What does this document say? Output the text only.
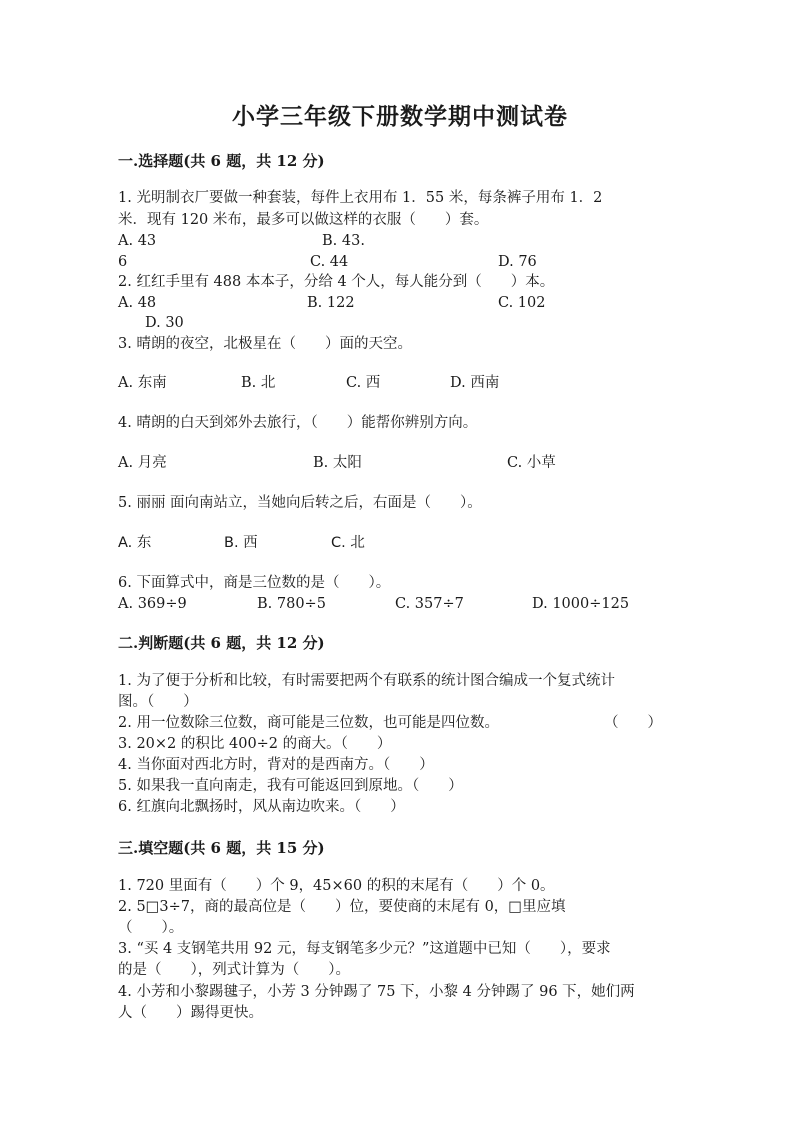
小学三年级下册数学期中测试卷
一.选择题(共 6 题，共 12 分)
1. 光明制衣厂要做一种套装，每件上衣用布 1．55 米，每条裤子用布 1．2
米．现有 120 米布，最多可以做这样的衣服（　　）套。
A. 43	B. 43.
6	C. 44	D. 76
2. 红红手里有 488 本本子，分给 4 个人，每人能分到（　　）本。
A. 48	B. 122	C. 102
D. 30
3. 晴朗的夜空，北极星在（　　）面的天空。
A. 东南	B. 北	C. 西	D. 西南
4. 晴朗的白天到郊外去旅行，（　　）能帮你辨别方向。
A. 月亮	B. 太阳	C. 小草
5. 丽丽 面向南站立，当她向后转之后，右面是（　　）。
A. 东	B. 西	C. 北
6. 下面算式中，商是三位数的是（　　）。
A. 369÷9	B. 780÷5	C. 357÷7	D. 1000÷125
二.判断题(共 6 题，共 12 分)
1. 为了便于分析和比较，有时需要把两个有联系的统计图合编成一个复式统计
图。（　　）
2. 用一位数除三位数，商可能是三位数，也可能是四位数。	（　　）
3. 20×2 的积比 400÷2 的商大。（　　）
4. 当你面对西北方时，背对的是西南方。（　　）
5. 如果我一直向南走，我有可能返回到原地。（　　）
6. 红旗向北飘扬时，风从南边吹来。（　　）
三.填空题(共 6 题，共 15 分)
1. 720 里面有（　　）个 9，45×60 的积的末尾有（　　）个 0。
2. 5□3÷7，商的最高位是（　　）位，要使商的末尾有 0，□里应填
（　　）。
3. “买 4 支钢笔共用 92 元，每支钢笔多少元？”这道题中已知（　　），要求
的是（　　），列式计算为（　　）。
4. 小芳和小黎踢毽子，小芳 3 分钟踢了 75 下，小黎 4 分钟踢了 96 下，她们两
人（　　）踢得更快。
